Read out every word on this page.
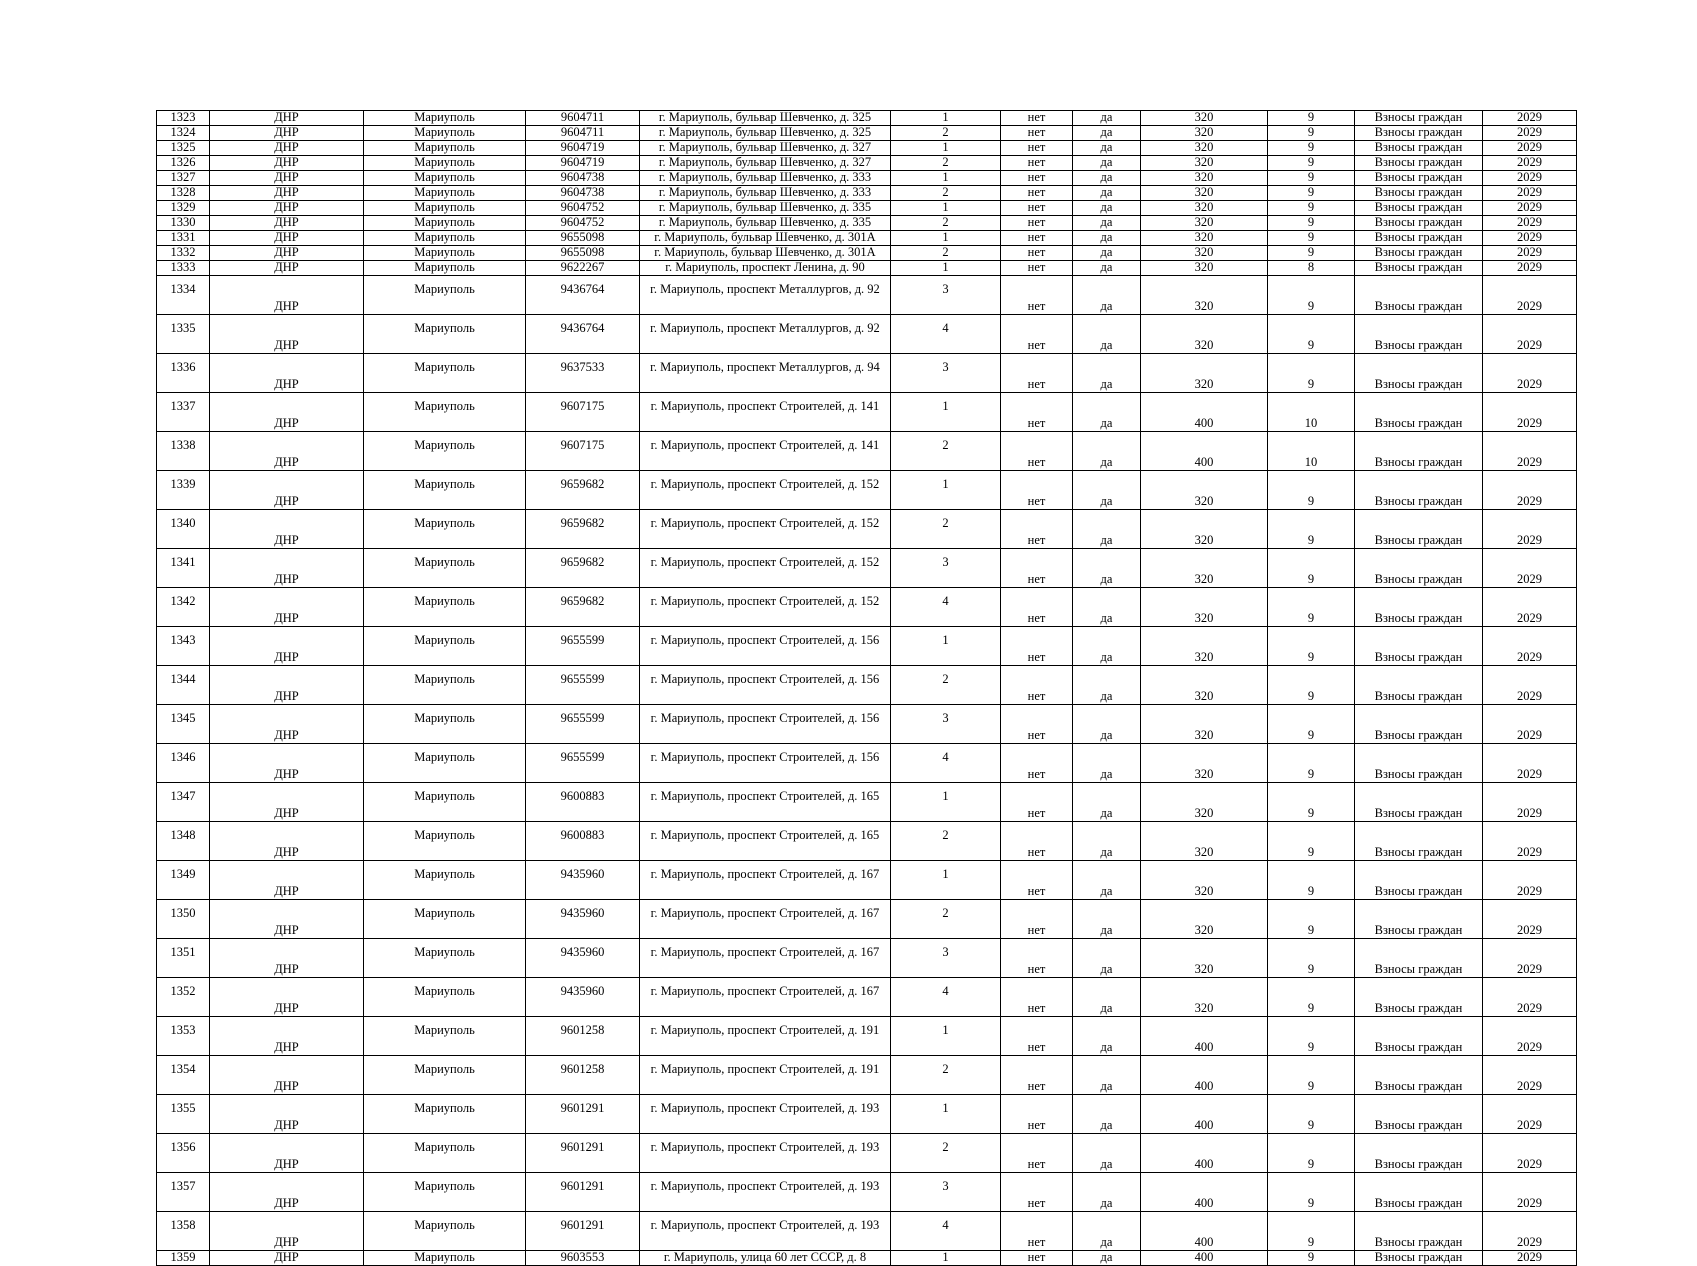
1323	ДНР	Мариуполь	9604711	г. Мариуполь, бульвар Шевченко, д. 325	1	нет	да	320	9	Взносы граждан	2029
1324	ДНР	Мариуполь	9604711	г. Мариуполь, бульвар Шевченко, д. 325	2	нет	да	320	9	Взносы граждан	2029
1325	ДНР	Мариуполь	9604719	г. Мариуполь, бульвар Шевченко, д. 327	1	нет	да	320	9	Взносы граждан	2029
1326	ДНР	Мариуполь	9604719	г. Мариуполь, бульвар Шевченко, д. 327	2	нет	да	320	9	Взносы граждан	2029
1327	ДНР	Мариуполь	9604738	г. Мариуполь, бульвар Шевченко, д. 333	1	нет	да	320	9	Взносы граждан	2029
1328	ДНР	Мариуполь	9604738	г. Мариуполь, бульвар Шевченко, д. 333	2	нет	да	320	9	Взносы граждан	2029
1329	ДНР	Мариуполь	9604752	г. Мариуполь, бульвар Шевченко, д. 335	1	нет	да	320	9	Взносы граждан	2029
1330	ДНР	Мариуполь	9604752	г. Мариуполь, бульвар Шевченко, д. 335	2	нет	да	320	9	Взносы граждан	2029
1331	ДНР	Мариуполь	9655098	г. Мариуполь, бульвар Шевченко, д. 301А	1	нет	да	320	9	Взносы граждан	2029
1332	ДНР	Мариуполь	9655098	г. Мариуполь, бульвар Шевченко, д. 301А	2	нет	да	320	9	Взносы граждан	2029
1333	ДНР	Мариуполь	9622267	г. Мариуполь, проспект Ленина, д. 90	1	нет	да	320	8	Взносы граждан	2029
1334	ДНР	Мариуполь	9436764	г. Мариуполь, проспект Металлургов, д. 92	3	нет	да	320	9	Взносы граждан	2029
1335	ДНР	Мариуполь	9436764	г. Мариуполь, проспект Металлургов, д. 92	4	нет	да	320	9	Взносы граждан	2029
1336	ДНР	Мариуполь	9637533	г. Мариуполь, проспект Металлургов, д. 94	3	нет	да	320	9	Взносы граждан	2029
1337	ДНР	Мариуполь	9607175	г. Мариуполь, проспект Строителей, д. 141	1	нет	да	400	10	Взносы граждан	2029
1338	ДНР	Мариуполь	9607175	г. Мариуполь, проспект Строителей, д. 141	2	нет	да	400	10	Взносы граждан	2029
1339	ДНР	Мариуполь	9659682	г. Мариуполь, проспект Строителей, д. 152	1	нет	да	320	9	Взносы граждан	2029
1340	ДНР	Мариуполь	9659682	г. Мариуполь, проспект Строителей, д. 152	2	нет	да	320	9	Взносы граждан	2029
1341	ДНР	Мариуполь	9659682	г. Мариуполь, проспект Строителей, д. 152	3	нет	да	320	9	Взносы граждан	2029
1342	ДНР	Мариуполь	9659682	г. Мариуполь, проспект Строителей, д. 152	4	нет	да	320	9	Взносы граждан	2029
1343	ДНР	Мариуполь	9655599	г. Мариуполь, проспект Строителей, д. 156	1	нет	да	320	9	Взносы граждан	2029
1344	ДНР	Мариуполь	9655599	г. Мариуполь, проспект Строителей, д. 156	2	нет	да	320	9	Взносы граждан	2029
1345	ДНР	Мариуполь	9655599	г. Мариуполь, проспект Строителей, д. 156	3	нет	да	320	9	Взносы граждан	2029
1346	ДНР	Мариуполь	9655599	г. Мариуполь, проспект Строителей, д. 156	4	нет	да	320	9	Взносы граждан	2029
1347	ДНР	Мариуполь	9600883	г. Мариуполь, проспект Строителей, д. 165	1	нет	да	320	9	Взносы граждан	2029
1348	ДНР	Мариуполь	9600883	г. Мариуполь, проспект Строителей, д. 165	2	нет	да	320	9	Взносы граждан	2029
1349	ДНР	Мариуполь	9435960	г. Мариуполь, проспект Строителей, д. 167	1	нет	да	320	9	Взносы граждан	2029
1350	ДНР	Мариуполь	9435960	г. Мариуполь, проспект Строителей, д. 167	2	нет	да	320	9	Взносы граждан	2029
1351	ДНР	Мариуполь	9435960	г. Мариуполь, проспект Строителей, д. 167	3	нет	да	320	9	Взносы граждан	2029
1352	ДНР	Мариуполь	9435960	г. Мариуполь, проспект Строителей, д. 167	4	нет	да	320	9	Взносы граждан	2029
1353	ДНР	Мариуполь	9601258	г. Мариуполь, проспект Строителей, д. 191	1	нет	да	400	9	Взносы граждан	2029
1354	ДНР	Мариуполь	9601258	г. Мариуполь, проспект Строителей, д. 191	2	нет	да	400	9	Взносы граждан	2029
1355	ДНР	Мариуполь	9601291	г. Мариуполь, проспект Строителей, д. 193	1	нет	да	400	9	Взносы граждан	2029
1356	ДНР	Мариуполь	9601291	г. Мариуполь, проспект Строителей, д. 193	2	нет	да	400	9	Взносы граждан	2029
1357	ДНР	Мариуполь	9601291	г. Мариуполь, проспект Строителей, д. 193	3	нет	да	400	9	Взносы граждан	2029
1358	ДНР	Мариуполь	9601291	г. Мариуполь, проспект Строителей, д. 193	4	нет	да	400	9	Взносы граждан	2029
1359	ДНР	Мариуполь	9603553	г. Мариуполь, улица 60 лет СССР, д. 8	1	нет	да	400	9	Взносы граждан	2029
